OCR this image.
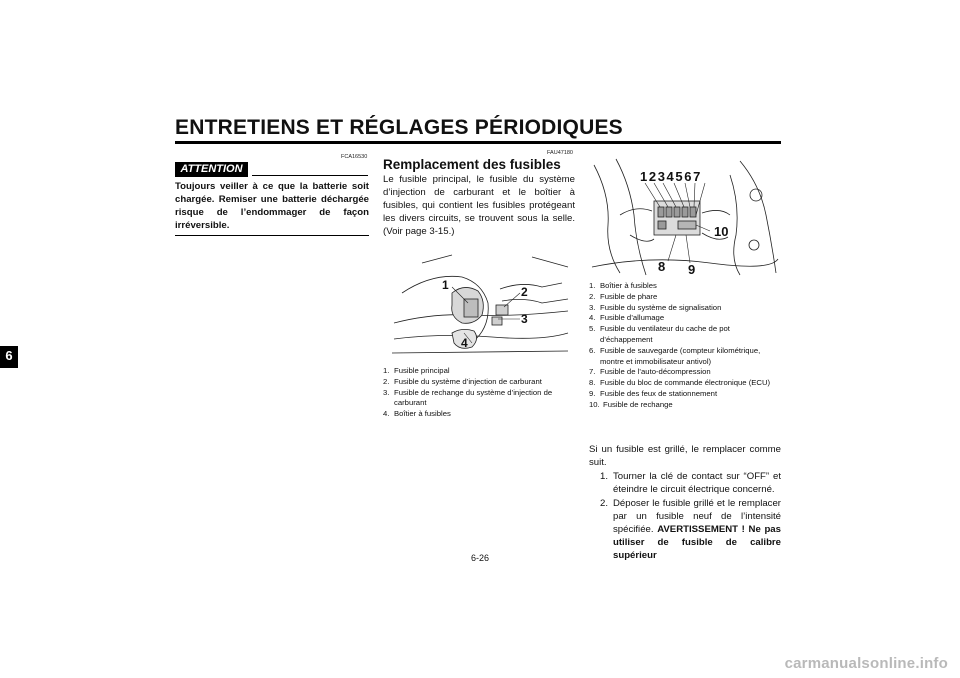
ENTRETIENS ET RÉGLAGES PÉRIODIQUES
6
FCA16530
ATTENTION
Toujours veiller à ce que la batterie soit chargée. Remiser une batterie déchargée risque de l’endommager de façon irréversible.
FAU47180
Remplacement des fusibles
Le fusible principal, le fusible du système d’injection de carburant et le boîtier à fusibles, qui contient les fusibles protégeant les divers circuits, se trouvent sous la selle. (Voir page 3-15.)
1	2
3
4
1. Fusible principal
2. Fusible du système d’injection de carburant
3. Fusible de rechange du système d’injection de carburant
4. Boîtier à fusibles
1234567
8 9
10
1. Boîtier à fusibles
2. Fusible de phare
3. Fusible du système de signalisation
4. Fusible d’allumage
5. Fusible du ventilateur du cache de pot d’échappement
6. Fusible de sauvegarde (compteur kilométrique, montre et immobilisateur antivol)
7. Fusible de l’auto-décompression
8. Fusible du bloc de commande électronique (ECU)
9. Fusible des feux de stationnement
10. Fusible de rechange
Si un fusible est grillé, le remplacer comme suit.
1. Tourner la clé de contact sur “OFF” et éteindre le circuit électrique concerné.
2. Déposer le fusible grillé et le remplacer par un fusible neuf de l’intensité spécifiée. AVERTISSEMENT ! Ne pas utiliser de fusible de calibre supérieur
6-26
carmanualsonline.info
